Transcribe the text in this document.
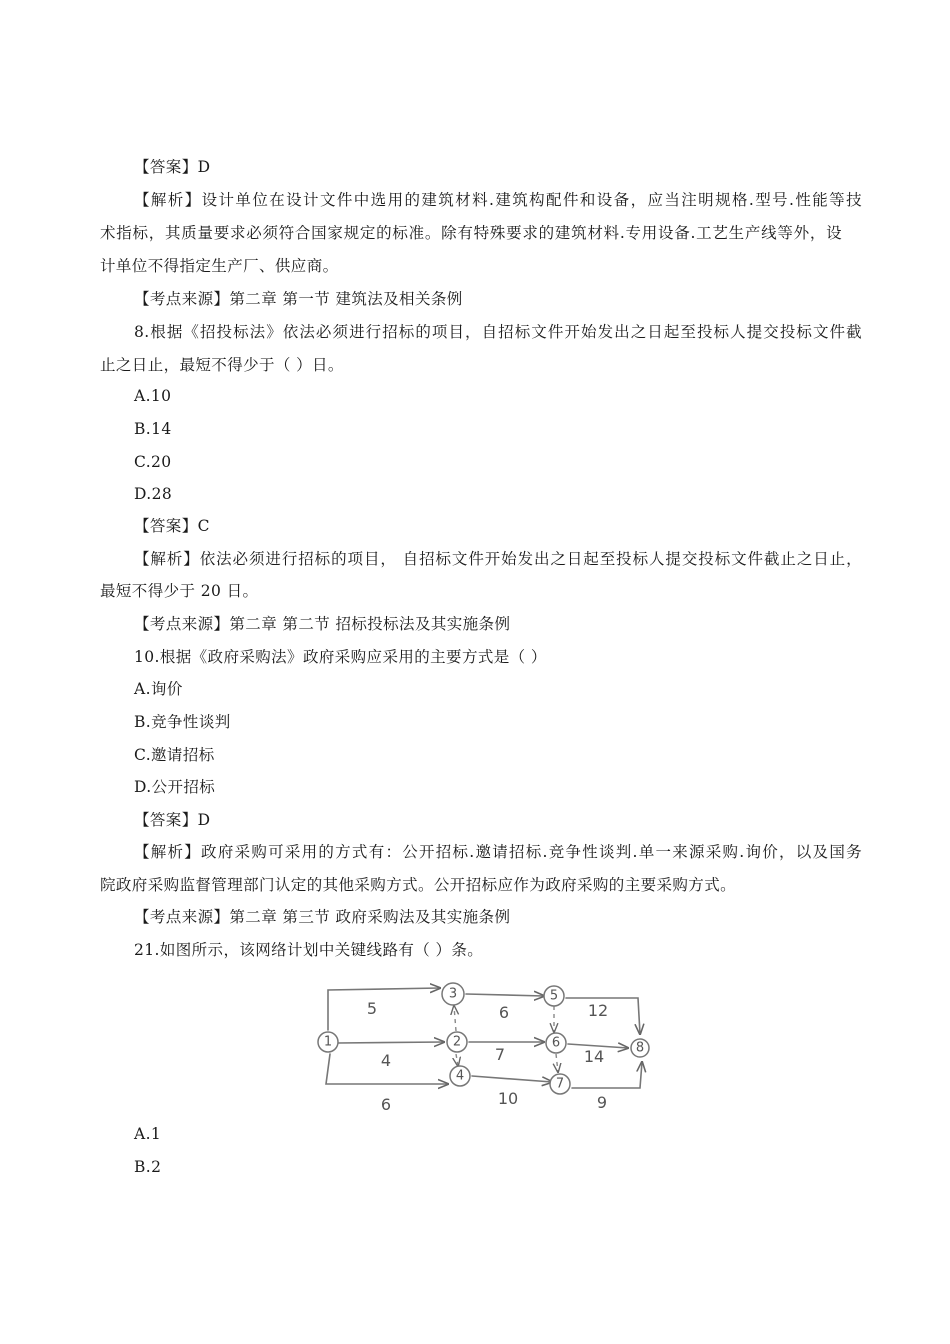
【答案】D
【解析】设计单位在设计文件中选用的建筑材料.建筑构配件和设备，应当注明规格.型号.性能等技
术指标，其质量要求必须符合国家规定的标准。除有特殊要求的建筑材料.专用设备.工艺生产线等外，设
计单位不得指定生产厂、供应商。
【考点来源】第二章 第一节 建筑法及相关条例
8.根据《招投标法》依法必须进行招标的项目，自招标文件开始发出之日起至投标人提交投标文件截
止之日止，最短不得少于（ ）日。
A.10
B.14
C.20
D.28
【答案】C
【解析】依法必须进行招标的项目， 自招标文件开始发出之日起至投标人提交投标文件截止之日止，
最短不得少于 20 日。
【考点来源】第二章 第二节 招标投标法及其实施条例
10.根据《政府采购法》政府采购应采用的主要方式是（ ）
A.询价
B.竞争性谈判
C.邀请招标
D.公开招标
【答案】D
【解析】政府采购可采用的方式有：公开招标.邀请招标.竞争性谈判.单一来源采购.询价，以及国务
院政府采购监督管理部门认定的其他采购方式。公开招标应作为政府采购的主要采购方式。
【考点来源】第二章 第三节 政府采购法及其实施条例
21.如图所示，该网络计划中关键线路有（ ）条。
1	2
3
4
5
6
7
8
5
4
6
6
7
10
12
14
9
A.1
B.2
